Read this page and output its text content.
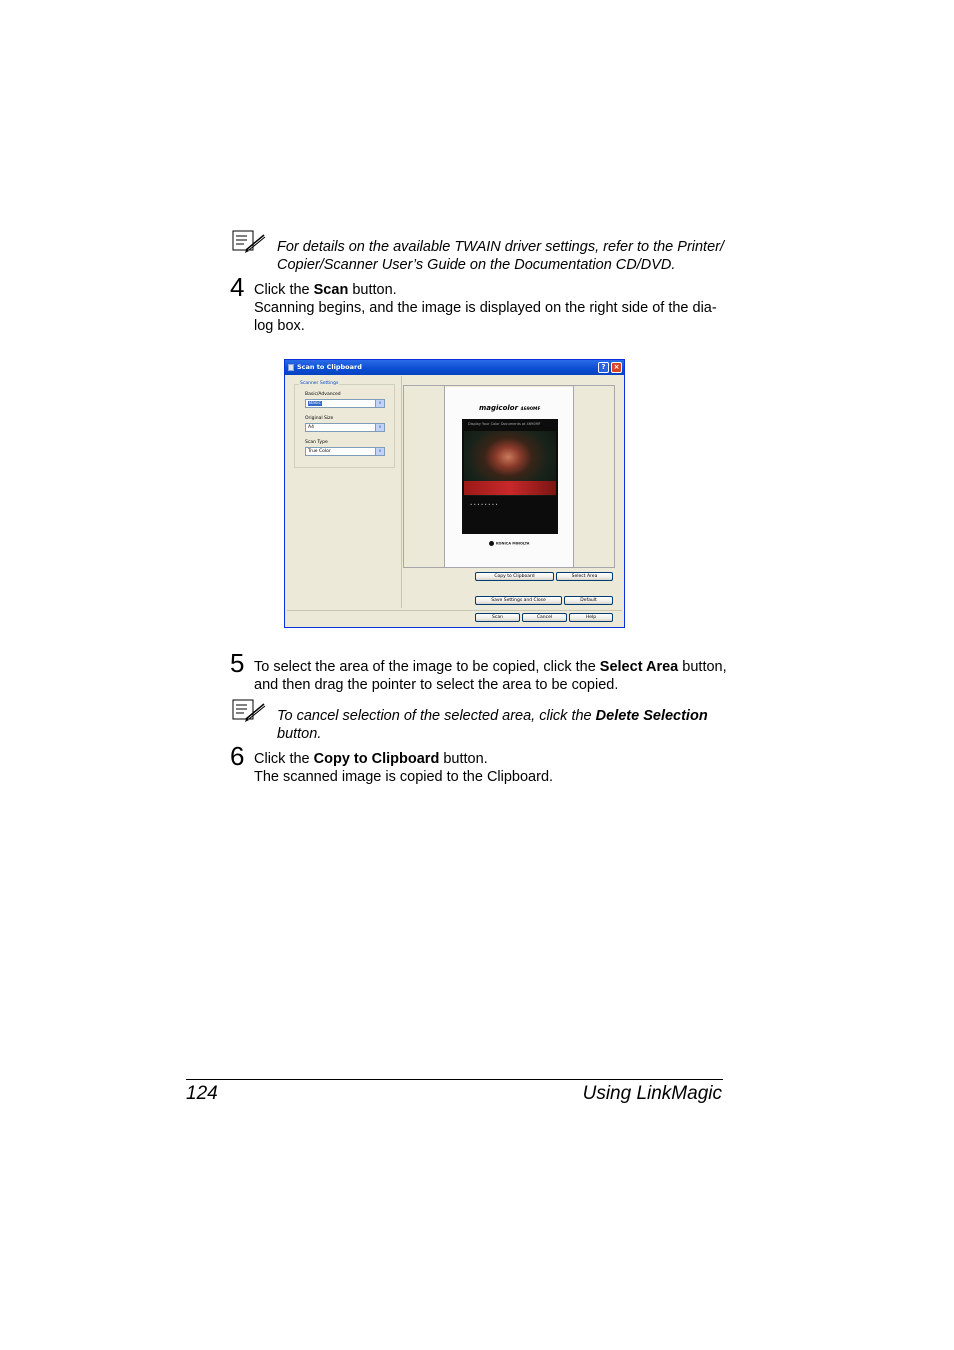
For details on the available TWAIN driver settings, refer to the Printer/
Copier/Scanner User’s Guide on the Documentation CD/DVD.
4 Click the Scan button.
Scanning begins, and the image is displayed on the right side of the dia-
log box.
Scan to Clipboard	?	×
Scanner Settings
Basic/Advanced
Basic	∨
Original Size
A4	∨
Scan Type
True Color	∨
magicolor 4690MF
Display Your Color Documents at 4690MF
• • • • • • • •
KONICA MINOLTA
Copy to Clipboard	Select Area
Save Settings and Close	Default
Scan	Cancel	Help
5 To select the area of the image to be copied, click the Select Area button,
and then drag the pointer to select the area to be copied.
To cancel selection of the selected area, click the Delete Selection
button.
6 Click the Copy to Clipboard button.
The scanned image is copied to the Clipboard.
124	Using LinkMagic
